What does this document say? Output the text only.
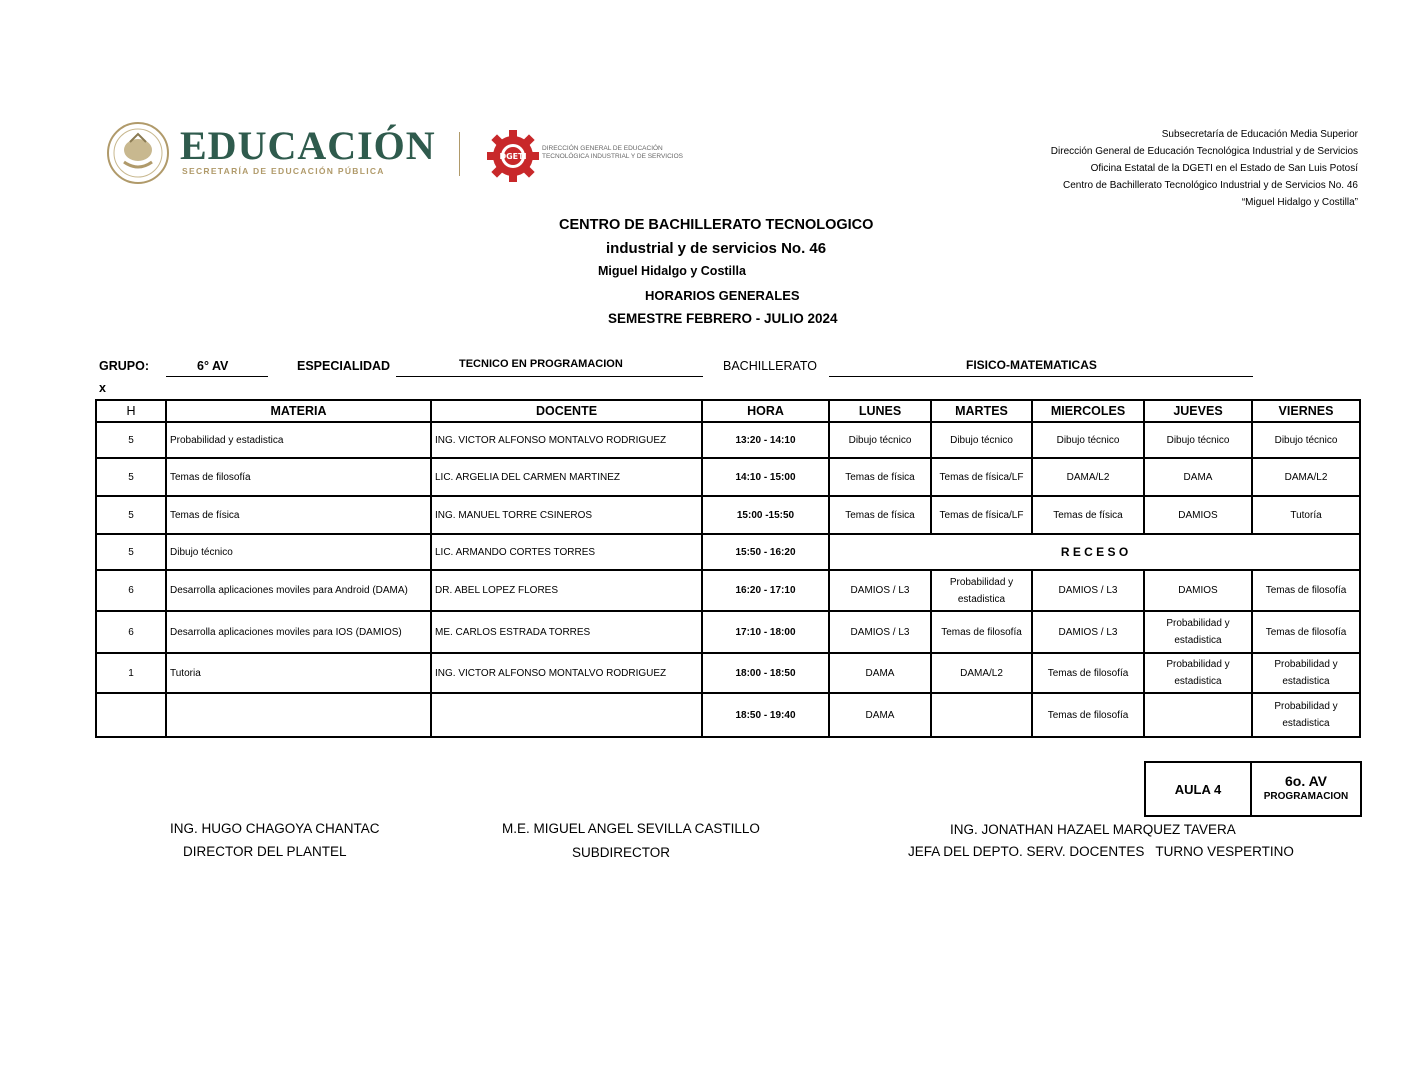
EDUCACIÓN
SECRETARÍA DE EDUCACIÓN PÚBLICA
DGETI
DIRECCIÓN GENERAL DE EDUCACIÓN
TECNOLÓGICA INDUSTRIAL Y DE SERVICIOS
Subsecretaría de Educación Media Superior
Dirección General de Educación Tecnológica Industrial y de Servicios
Oficina Estatal de la DGETI en el Estado de San Luis Potosí
Centro de Bachillerato Tecnológico Industrial y de Servicios No. 46
“Miguel Hidalgo y Costilla”
CENTRO DE BACHILLERATO TECNOLOGICO
industrial y de servicios No. 46
Miguel Hidalgo y Costilla
HORARIOS GENERALES
SEMESTRE FEBRERO - JULIO 2024
GRUPO:	6° AV	ESPECIALIDAD	TECNICO EN PROGRAMACION	BACHILLERATO	FISICO-MATEMATICAS
x
H	MATERIA	DOCENTE	HORA	LUNES	MARTES	MIERCOLES	JUEVES	VIERNES
5	Probabilidad y estadistica	ING. VICTOR ALFONSO MONTALVO RODRIGUEZ	13:20 - 14:10	Dibujo técnico	Dibujo técnico	Dibujo técnico	Dibujo técnico	Dibujo técnico
5	Temas de filosofía	LIC. ARGELIA DEL CARMEN MARTINEZ	14:10 - 15:00	Temas de física	Temas de física/LF	DAMA/L2	DAMA	DAMA/L2
5	Temas de física	ING. MANUEL TORRE CSINEROS	15:00 -15:50	Temas de física	Temas de física/LF	Temas de física	DAMIOS	Tutoría
5	Dibujo técnico	LIC. ARMANDO CORTES TORRES	15:50 - 16:20	R E C E S O				
6	Desarrolla aplicaciones moviles para Android (DAMA)	DR. ABEL LOPEZ FLORES	16:20 - 17:10	DAMIOS / L3	Probabilidad y estadistica	DAMIOS / L3	DAMIOS	Temas de filosofía
6	Desarrolla aplicaciones moviles para IOS (DAMIOS)	ME. CARLOS ESTRADA TORRES	17:10 - 18:00	DAMIOS / L3	Temas de filosofía	DAMIOS / L3	Probabilidad y estadistica	Temas de filosofía
1	Tutoria	ING. VICTOR ALFONSO MONTALVO RODRIGUEZ	18:00 - 18:50	DAMA	DAMA/L2	Temas de filosofía	Probabilidad y estadistica	Probabilidad y estadistica
			18:50 - 19:40	DAMA		Temas de filosofía		Probabilidad y estadistica
AULA 4	6o. AV
PROGRAMACION
ING. HUGO CHAGOYA CHANTAC
DIRECTOR DEL PLANTEL
M.E. MIGUEL ANGEL SEVILLA CASTILLO
SUBDIRECTOR
ING. JONATHAN HAZAEL MARQUEZ TAVERA
JEFA DEL DEPTO. SERV. DOCENTES   TURNO VESPERTINO
